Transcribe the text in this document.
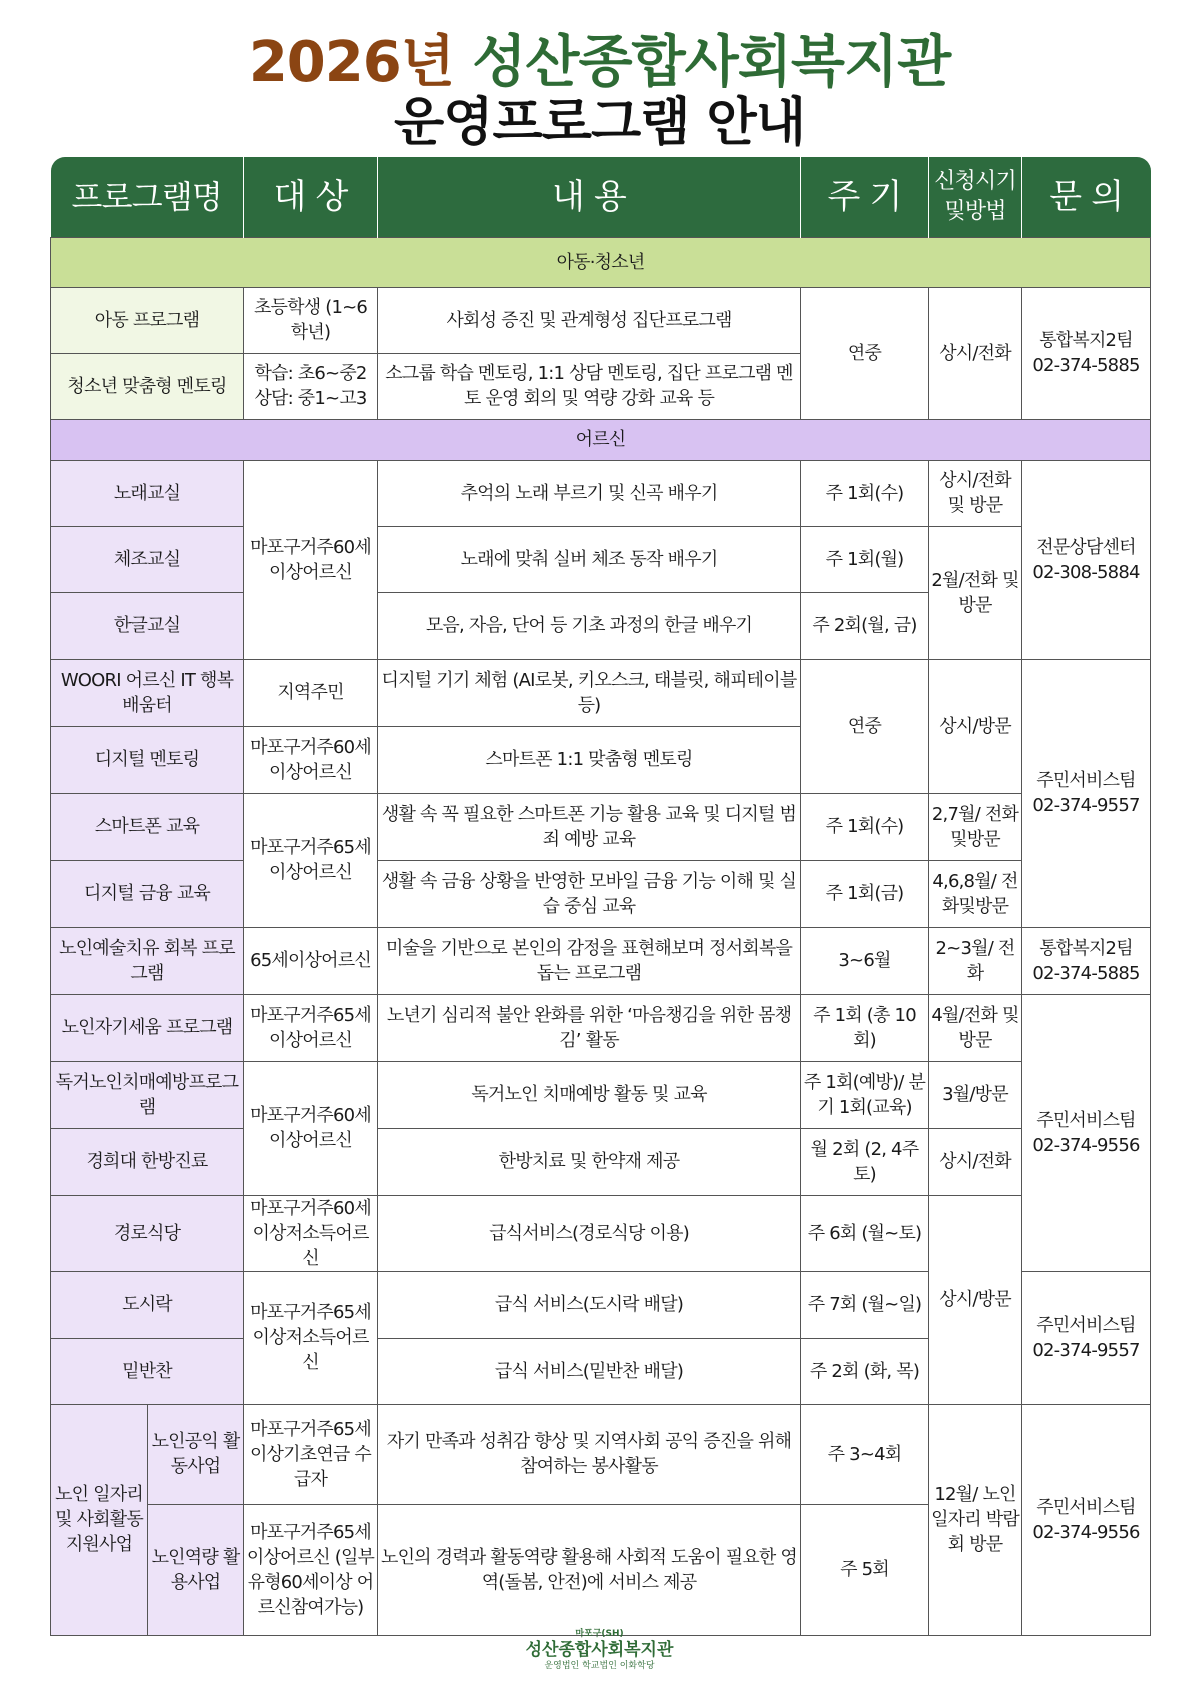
2026년 성산종합사회복지관
운영프로그램 안내
프로그램명		대 상	내 용	주 기	신청시기 및방법	문 의
아동·청소년						
아동 프로그램		초등학생 (1~6학년)	사회성 증진 및 관계형성 집단프로그램	연중	상시/전화	통합복지2팀 02-374-5885
청소년 맞춤형 멘토링		학습: 초6~중2 상담: 중1~고3	소그룹 학습 멘토링, 1:1 상담 멘토링, 집단 프로그램 멘토 운영 회의 및 역량 강화 교육 등			
어르신						
노래교실		마포구거주60세 이상어르신	추억의 노래 부르기 및 신곡 배우기	주 1회(수)	상시/전화 및 방문	전문상담센터 02-308-5884
체조교실			노래에 맞춰 실버 체조 동작 배우기	주 1회(월)	2월/전화 및 방문	
한글교실			모음, 자음, 단어 등 기초 과정의 한글 배우기	주 2회(월, 금)		
WOORI 어르신 IT 행복배움터		지역주민	디지털 기기 체험 (AI로봇, 키오스크, 태블릿, 해피테이블 등)	연중	상시/방문	주민서비스팀 02-374-9557
디지털 멘토링		마포구거주60세 이상어르신	스마트폰 1:1 맞춤형 멘토링			
스마트폰 교육		마포구거주65세 이상어르신	생활 속 꼭 필요한 스마트폰 기능 활용 교육 및 디지털 범죄 예방 교육	주 1회(수)	2,7월/ 전화및방문	
디지털 금융 교육			생활 속 금융 상황을 반영한 모바일 금융 기능 이해 및 실습 중심 교육	주 1회(금)	4,6,8월/ 전화및방문	
노인예술치유 회복 프로그램		65세이상어르신	미술을 기반으로 본인의 감정을 표현해보며 정서회복을 돕는 프로그램	3~6월	2~3월/ 전화	통합복지2팀 02-374-5885
노인자기세움 프로그램		마포구거주65세 이상어르신	노년기 심리적 불안 완화를 위한 ‘마음챙김을 위한 몸챙김’ 활동	주 1회 (총 10회)	4월/전화 및 방문	주민서비스팀 02-374-9556
독거노인치매예방프로그램		마포구거주60세 이상어르신	독거노인 치매예방 활동 및 교육	주 1회(예방)/ 분기 1회(교육)	3월/방문	
경희대 한방진료			한방치료 및 한약재 제공	월 2회 (2, 4주 토)	상시/전화	
경로식당		마포구거주60세 이상저소득어르신	급식서비스(경로식당 이용)	주 6회 (월~토)	상시/방문	
도시락		마포구거주65세 이상저소득어르신	급식 서비스(도시락 배달)	주 7회 (월~일)		주민서비스팀 02-374-9557
밑반찬			급식 서비스(밑반찬 배달)	주 2회 (화, 목)		
노인 일자리 및 사회활동 지원사업	노인공익 활동사업	마포구거주65세 이상기초연금 수급자	자기 만족과 성취감 향상 및 지역사회 공익 증진을 위해 참여하는 봉사활동	주 3~4회	12월/ 노인 일자리 박람회 방문	주민서비스팀 02-374-9556
	노인역량 활용사업	마포구거주65세 이상어르신 (일부유형60세이상 어르신참여가능)	노인의 경력과 활동역량 활용해 사회적 도움이 필요한 영역(돌봄, 안전)에 서비스 제공	주 5회		
마포구(SH)
성산종합사회복지관
운영법인 학교법인 이화학당
